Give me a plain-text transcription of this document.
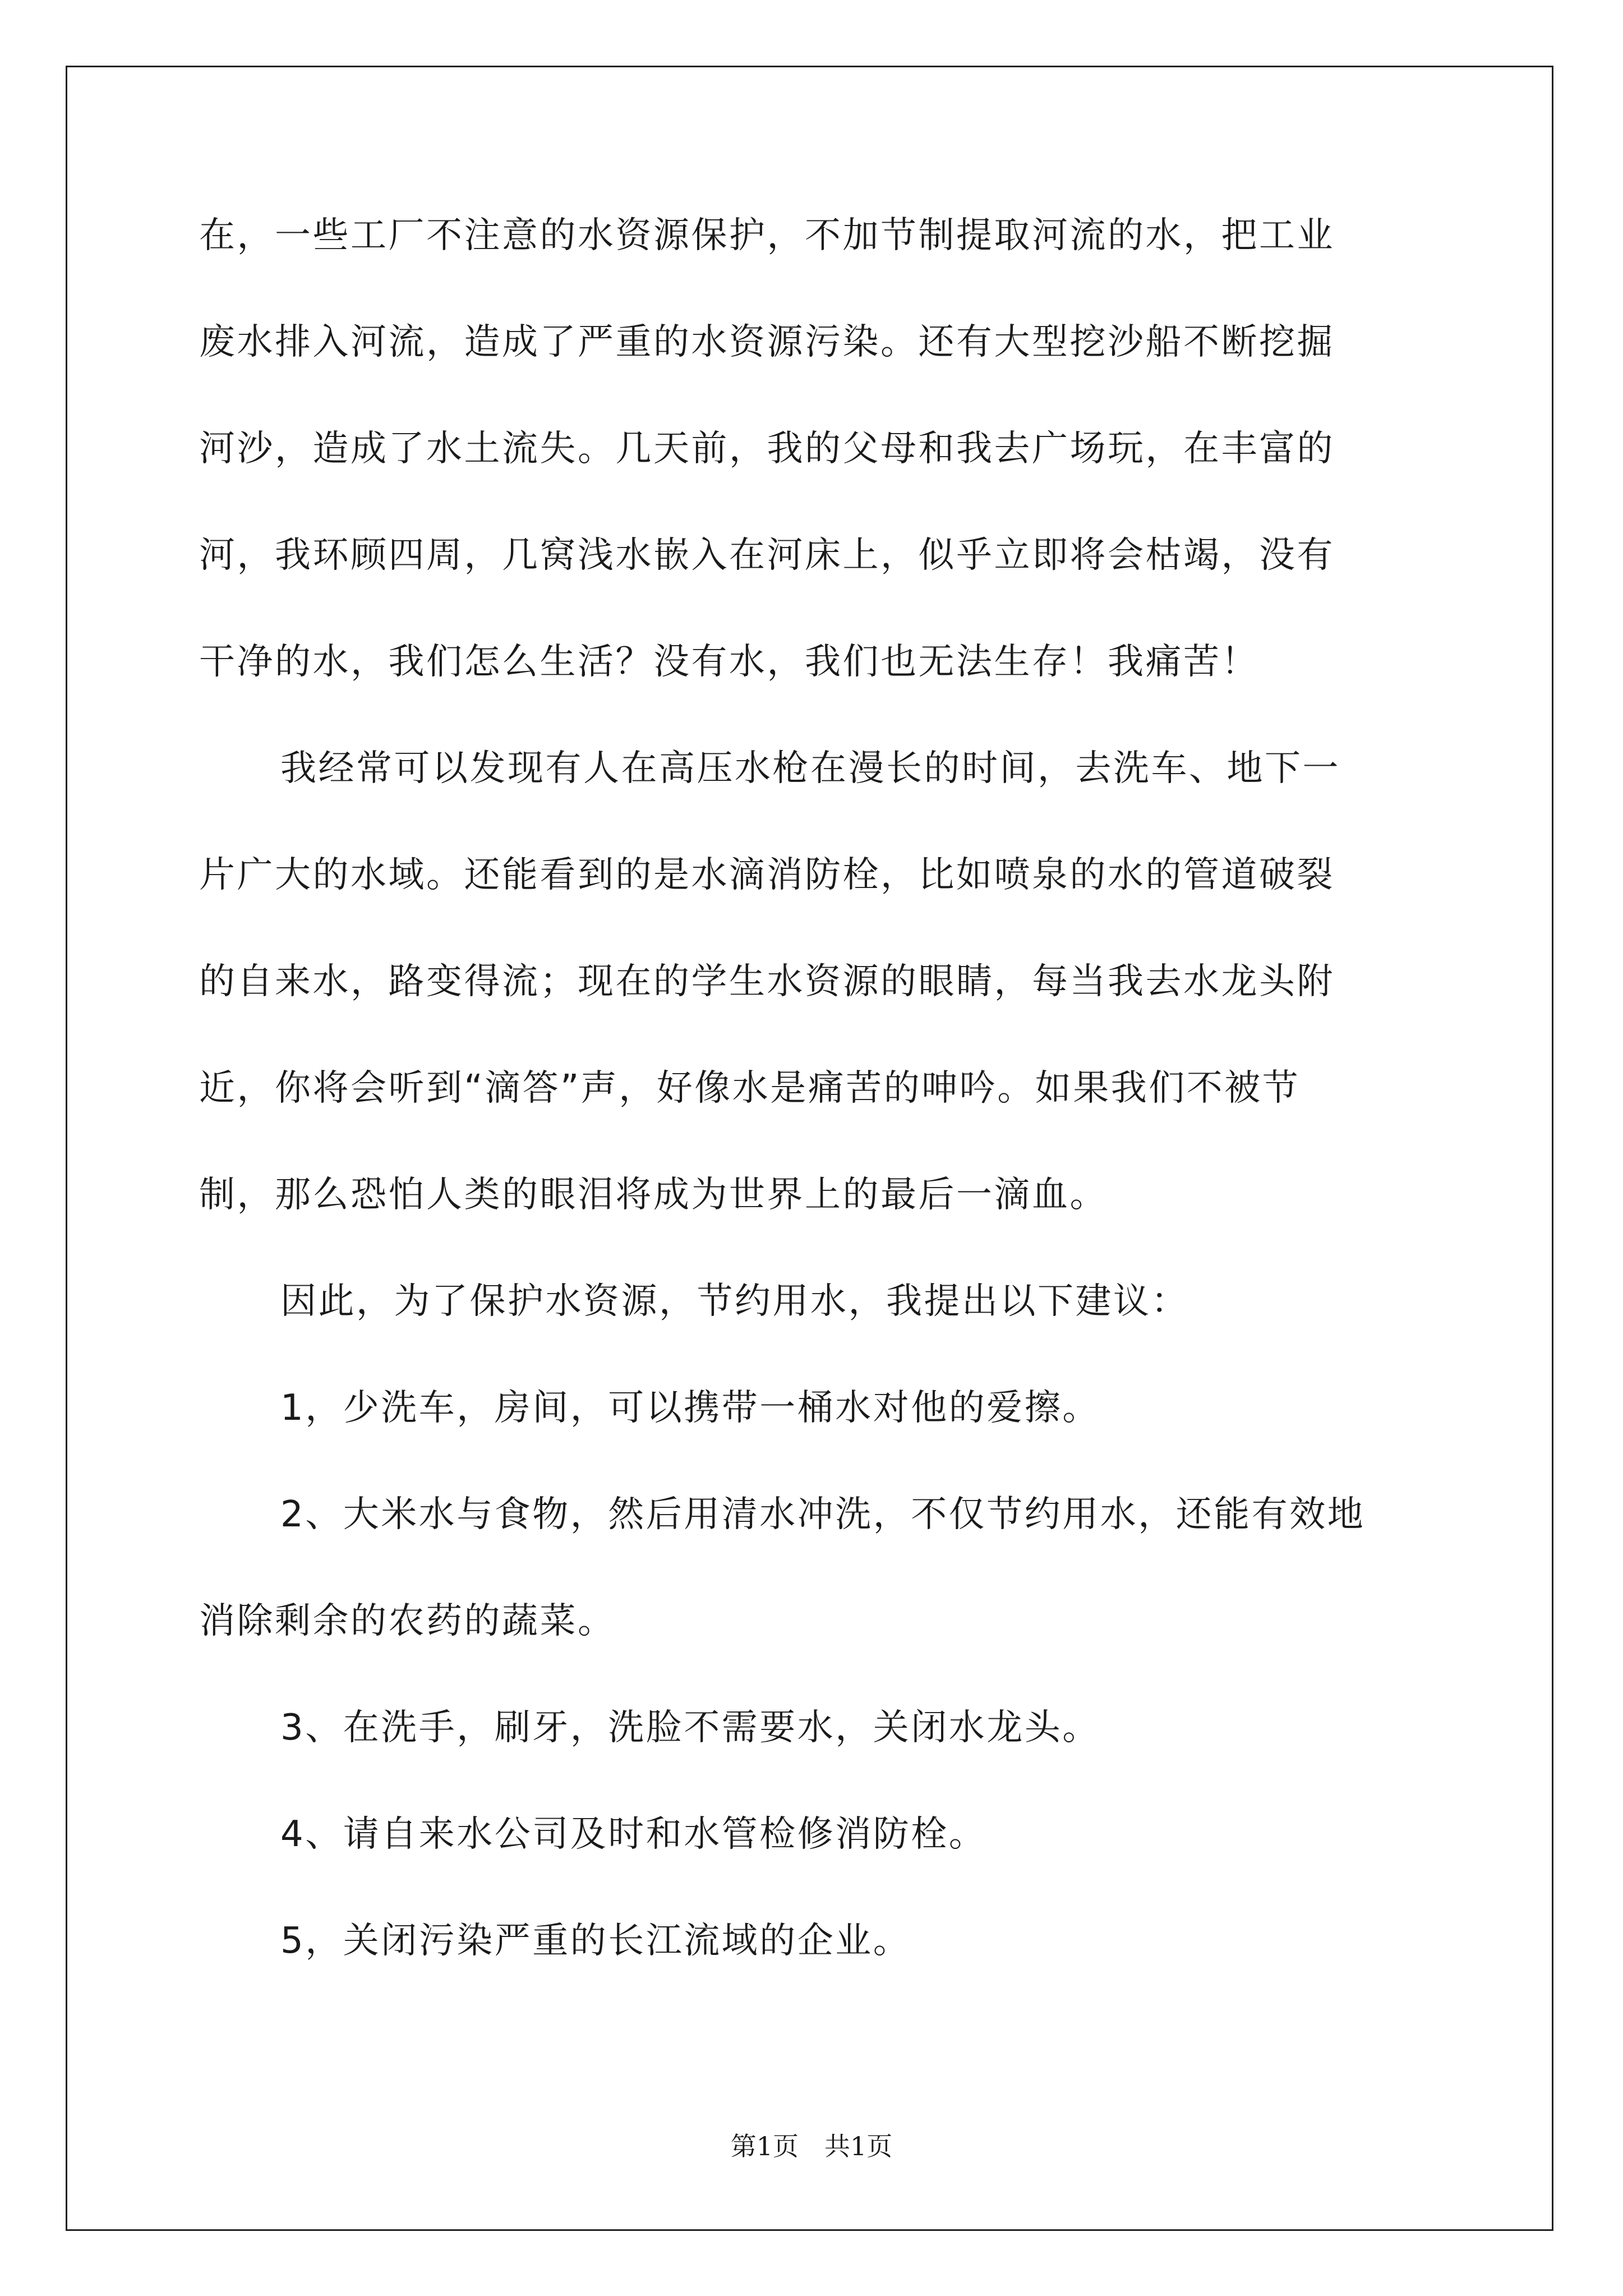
在，一些工厂不注意的水资源保护，不加节制提取河流的水，把工业
废水排入河流，造成了严重的水资源污染。还有大型挖沙船不断挖掘
河沙，造成了水土流失。几天前，我的父母和我去广场玩，在丰富的
河，我环顾四周，几窝浅水嵌入在河床上，似乎立即将会枯竭，没有
干净的水，我们怎么生活？没有水，我们也无法生存！我痛苦！
我经常可以发现有人在高压水枪在漫长的时间，去洗车、地下一
片广大的水域。还能看到的是水滴消防栓，比如喷泉的水的管道破裂
的自来水，路变得流；现在的学生水资源的眼睛，每当我去水龙头附
近，你将会听到“滴答”声，好像水是痛苦的呻吟。如果我们不被节
制，那么恐怕人类的眼泪将成为世界上的最后一滴血。
因此，为了保护水资源，节约用水，我提出以下建议：
1，少洗车，房间，可以携带一桶水对他的爱擦。
2、大米水与食物，然后用清水冲洗，不仅节约用水，还能有效地
消除剩余的农药的蔬菜。
3、在洗手，刷牙，洗脸不需要水，关闭水龙头。
4、请自来水公司及时和水管检修消防栓。
5，关闭污染严重的长江流域的企业。
第1页　共1页
